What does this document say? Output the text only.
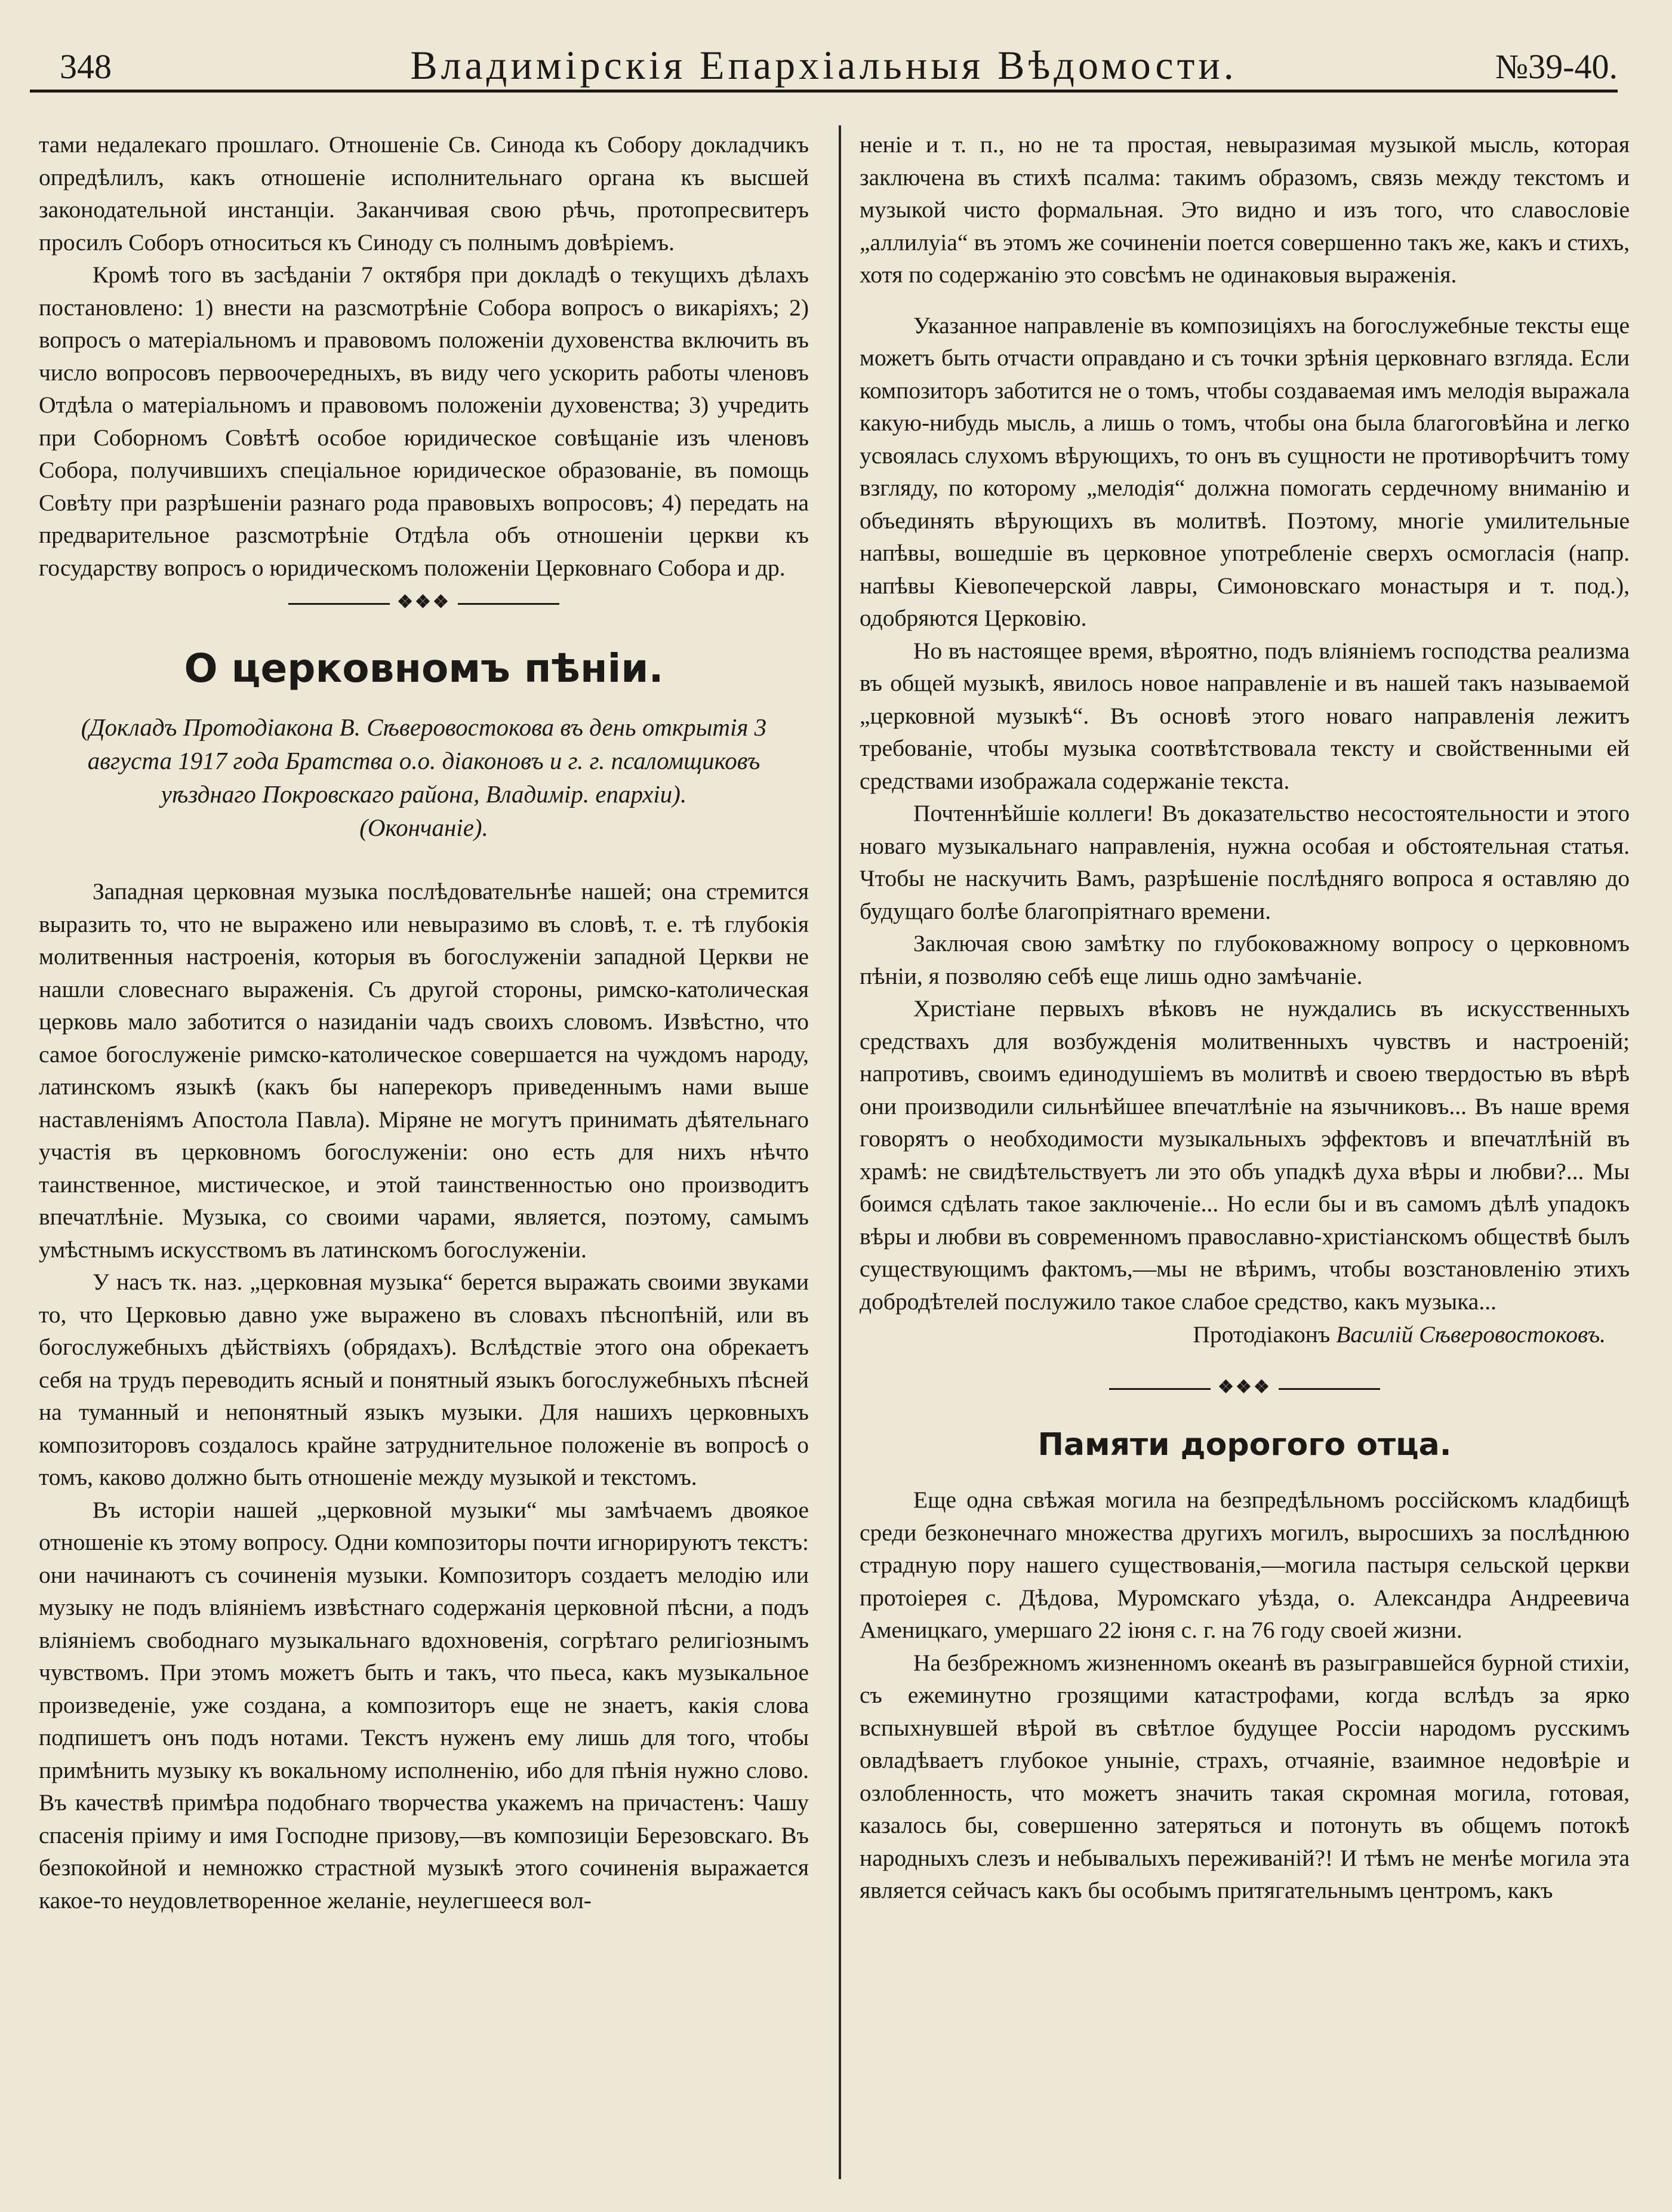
348	Владимірскія Епархіальныя Вѣдомости.	№39-40.

тами недалекаго прошлаго. Отношеніе Св. Синода къ Собору докладчикъ опредѣлилъ, какъ отношеніе исполнительнаго органа къ высшей законодательной инстанціи. Заканчивая свою рѣчь, протопресвитеръ просилъ Соборъ относиться къ Синоду съ полнымъ довѣріемъ.

Кромѣ того въ засѣданіи 7 октября при докладѣ о текущихъ дѣлахъ постановлено: 1) внести на разсмотрѣніе Собора вопросъ о викаріяхъ; 2) вопросъ о матеріальномъ и правовомъ положеніи духовенства включить въ число вопросовъ первоочередныхъ, въ виду чего ускорить работы членовъ Отдѣла о матеріальномъ и правовомъ положеніи духовенства; 3) учредить при Соборномъ Совѣтѣ особое юридическое совѣщаніе изъ членовъ Собора, получившихъ спеціальное юридическое образованіе, въ помощь Совѣту при разрѣшеніи разнаго рода правовыхъ вопросовъ; 4) передать на предварительное разсмотрѣніе Отдѣла объ отношеніи церкви къ государству вопросъ о юридическомъ положеніи Церковнаго Собора и др.

❖❖❖
О церковномъ пѣніи.

(Докладъ Протодіакона В. Сѣверовостокова въ день открытія 3 августа 1917 года Братства о.о. діаконовъ и г. г. псаломщиковъ уѣзднаго Покровскаго района, Владимір. епархіи).

(Окончаніе).

Западная церковная музыка послѣдовательнѣе нашей; она стремится выразить то, что не выражено или невыразимо въ словѣ, т. е. тѣ глубокія молитвенныя настроенія, которыя въ богослуженіи западной Церкви не нашли словеснаго выраженія. Съ другой стороны, римско-католическая церковь мало заботится о назиданіи чадъ своихъ словомъ. Извѣстно, что самое богослуженіе римско-католическое совершается на чуждомъ народу, латинскомъ языкѣ (какъ бы наперекоръ приведеннымъ нами выше наставленіямъ Апостола Павла). Міряне не могутъ принимать дѣятельнаго участія въ церковномъ богослуженіи: оно есть для нихъ нѣчто таинственное, мистическое, и этой таинственностью оно производитъ впечатлѣніе. Музыка, со своими чарами, является, поэтому, самымъ умѣстнымъ искусствомъ въ латинскомъ богослуженіи.

У насъ тк. наз. „церковная музыка“ берется выражать своими звуками то, что Церковью давно уже выражено въ словахъ пѣснопѣній, или въ богослужебныхъ дѣйствіяхъ (обрядахъ). Вслѣдствіе этого она обрекаетъ себя на трудъ переводить ясный и понятный языкъ богослужебныхъ пѣсней на туманный и непонятный языкъ музыки. Для нашихъ церковныхъ композиторовъ создалось крайне затруднительное положеніе въ вопросѣ о томъ, каково должно быть отношеніе между музыкой и текстомъ.

Въ исторіи нашей „церковной музыки“ мы замѣчаемъ двоякое отношеніе къ этому вопросу. Одни композиторы почти игнорируютъ текстъ: они начинаютъ съ сочиненія музыки. Композиторъ создаетъ мелодію или музыку не подъ вліяніемъ извѣстнаго содержанія церковной пѣсни, а подъ вліяніемъ свободнаго музыкальнаго вдохновенія, согрѣтаго религіознымъ чувствомъ. При этомъ можетъ быть и такъ, что пьеса, какъ музыкальное произведеніе, уже создана, а композиторъ еще не знаетъ, какія слова подпишетъ онъ подъ нотами. Текстъ нуженъ ему лишь для того, чтобы примѣнить музыку къ вокальному исполненію, ибо для пѣнія нужно слово. Въ качествѣ примѣра подобнаго творчества укажемъ на причастенъ: Чашу спасенія пріиму и имя Господне призову,—въ композиціи Березовскаго. Въ безпокойной и немножко страстной музыкѣ этого сочиненія выражается какое-то неудовлетворенное желаніе, неулегшееся вол-

неніе и т. п., но не та простая, невыразимая музыкой мысль, которая заключена въ стихѣ псалма: такимъ образомъ, связь между текстомъ и музыкой чисто формальная. Это видно и изъ того, что славословіе „аллилуіа“ въ этомъ же сочиненіи поется совершенно такъ же, какъ и стихъ, хотя по содержанію это совсѣмъ не одинаковыя выраженія.

Указанное направленіе въ композиціяхъ на богослужебные тексты еще можетъ быть отчасти оправдано и съ точки зрѣнія церковнаго взгляда. Если композиторъ заботится не о томъ, чтобы создаваемая имъ мелодія выражала какую-нибудь мысль, а лишь о томъ, чтобы она была благоговѣйна и легко усвоялась слухомъ вѣрующихъ, то онъ въ сущности не противорѣчитъ тому взгляду, по которому „мелодія“ должна помогать сердечному вниманію и объединять вѣрующихъ въ молитвѣ. Поэтому, многіе умилительные напѣвы, вошедшіе въ церковное употребленіе сверхъ осмогласія (напр. напѣвы Кіевопечерской лавры, Симоновскаго монастыря и т. под.), одобряются Церковію.

Но въ настоящее время, вѣроятно, подъ вліяніемъ господства реализма въ общей музыкѣ, явилось новое направленіе и въ нашей такъ называемой „церковной музыкѣ“. Въ основѣ этого новаго направленія лежитъ требованіе, чтобы музыка соотвѣтствовала тексту и свойственными ей средствами изображала содержаніе текста.

Почтеннѣйшіе коллеги! Въ доказательство несостоятельности и этого новаго музыкальнаго направленія, нужна особая и обстоятельная статья. Чтобы не наскучить Вамъ, разрѣшеніе послѣдняго вопроса я оставляю до будущаго болѣе благопріятнаго времени.

Заключая свою замѣтку по глубоковажному вопросу о церковномъ пѣніи, я позволяю себѣ еще лишь одно замѣчаніе.

Христіане первыхъ вѣковъ не нуждались въ искусственныхъ средствахъ для возбужденія молитвенныхъ чувствъ и настроеній; напротивъ, своимъ единодушіемъ въ молитвѣ и своею твердостью въ вѣрѣ они производили сильнѣйшее впечатлѣніе на язычниковъ... Въ наше время говорятъ о необходимости музыкальныхъ эффектовъ и впечатлѣній въ храмѣ: не свидѣтельствуетъ ли это объ упадкѣ духа вѣры и любви?... Мы боимся сдѣлать такое заключеніе... Но если бы и въ самомъ дѣлѣ упадокъ вѣры и любви въ современномъ православно-христіанскомъ обществѣ былъ существующимъ фактомъ,—мы не вѣримъ, чтобы возстановленію этихъ добродѣтелей послужило такое слабое средство, какъ музыка...

Протодіаконъ Василій Сѣверовостоковъ.

❖❖❖
Памяти дорогого отца.

Еще одна свѣжая могила на безпредѣльномъ россійскомъ кладбищѣ среди безконечнаго множества другихъ могилъ, выросшихъ за послѣднюю страдную пору нашего существованія,—могила пастыря сельской церкви протоіерея с. Дѣдова, Муромскаго уѣзда, о. Александра Андреевича Аменицкаго, умершаго 22 іюня с. г. на 76 году своей жизни.

На безбрежномъ жизненномъ океанѣ въ разыгравшейся бурной стихіи, съ ежеминутно грозящими катастрофами, когда вслѣдъ за ярко вспыхнувшей вѣрой въ свѣтлое будущее Россіи народомъ русскимъ овладѣваетъ глубокое уныніе, страхъ, отчаяніе, взаимное недовѣріе и озлобленность, что можетъ значить такая скромная могила, готовая, казалось бы, совершенно затеряться и потонуть въ общемъ потокѣ народныхъ слезъ и небывалыхъ переживаній?! И тѣмъ не менѣе могила эта является сейчасъ какъ бы особымъ притягательнымъ центромъ, какъ
